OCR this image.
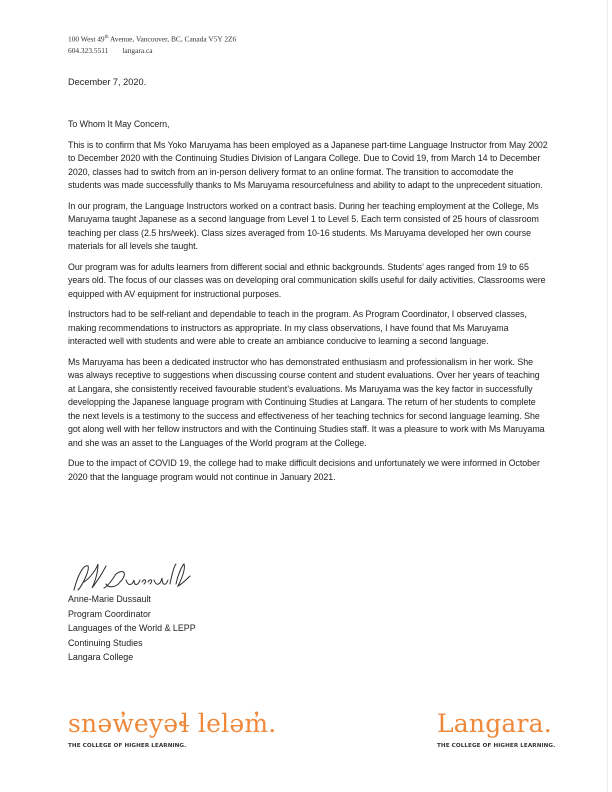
100 West 49th Avenue, Vancouver, BC, Canada V5Y 2Z6
604.323.5511 langara.ca
December 7, 2020.

To Whom It May Concern,

This is to confirm that Ms Yoko Maruyama has been employed as a Japanese part-time Language Instructor from May 2002 to December 2020 with the Continuing Studies Division of Langara College. Due to Covid 19, from March 14 to December 2020, classes had to switch from an in-person delivery format to an online format. The transition to accomodate the students was made successfully thanks to Ms Maruyama resourcefulness and ability to adapt to the unprecedent situation.

In our program, the Language Instructors worked on a contract basis. During her teaching employment at the College, Ms Maruyama taught Japanese as a second language from Level 1 to Level 5. Each term consisted of 25 hours of classroom teaching per class (2.5 hrs/week). Class sizes averaged from 10-16 students. Ms Maruyama developed her own course materials for all levels she taught.

Our program was for adults learners from different social and ethnic backgrounds. Students’ ages ranged from 19 to 65 years old. The focus of our classes was on developing oral communication skills useful for daily activities. Classrooms were equipped with AV equipment for instructional purposes.

Instructors had to be self-reliant and dependable to teach in the program. As Program Coordinator, I observed classes, making recommendations to instructors as appropriate. In my class observations, I have found that Ms Maruyama interacted well with students and were able to create an ambiance conducive to learning a second language.

Ms Maruyama has been a dedicated instructor who has demonstrated enthusiasm and professionalism in her work. She was always receptive to suggestions when discussing course content and student evaluations. Over her years of teaching at Langara, she consistently received favourable student’s evaluations. Ms Maruyama was the key factor in successfully developping the Japanese language program with Continuing Studies at Langara. The return of her students to complete the next levels is a testimony to the success and effectiveness of her teaching technics for second language learning. She got along well with her fellow instructors and with the Continuing Studies staff. It was a pleasure to work with Ms Maruyama and she was an asset to the Languages of the World program at the College.

Due to the impact of COVID 19, the college had to make difficult decisions and unfortunately we were informed in October 2020 that the language program would not continue in January 2021.

Anne-Marie Dussault
Program Coordinator
Languages of the World & LEPP
Continuing Studies
Langara College
snəw̓eyəɬ leləm̓.
THE COLLEGE OF HIGHER LEARNING.
Langara.
THE COLLEGE OF HIGHER LEARNING.
